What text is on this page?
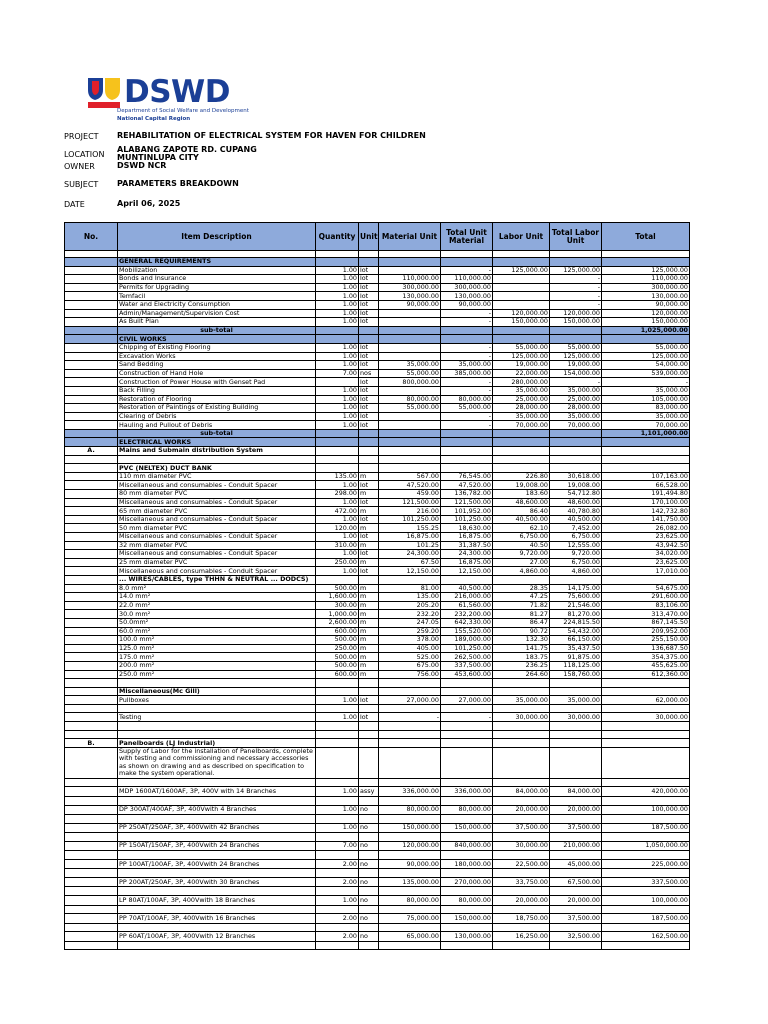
DSWD
Department of Social Welfare and Development
National Capital Region
PROJECT	REHABILITATION OF ELECTRICAL SYSTEM FOR HAVEN FOR CHILDREN
LOCATION
ALABANG ZAPOTE RD. CUPANG MUNTINLUPA CITY
OWNER	DSWD NCR
SUBJECT	PARAMETERS BREAKDOWN
DATE	April 06, 2025
No.	Item Description	Quantity	Unit	Material Unit	Total Unit Material	Labor Unit	Total Labor Unit	Total

	GENERAL REQUIREMENTS							
	Mobilization	1.00	lot		-	125,000.00	125,000.00	125,000.00
	Bonds and Insurance	1.00	lot	110,000.00	110,000.00		-	110,000.00
	Permits for Upgrading	1.00	lot	300,000.00	300,000.00		-	300,000.00
	Temfacil	1.00	lot	130,000.00	130,000.00		-	130,000.00
	Water and Electricity Consumption	1.00	lot	90,000.00	90,000.00		-	90,000.00
	Admin/Management/Supervision Cost	1.00	lot		-	120,000.00	120,000.00	120,000.00
	As Built Plan	1.00	lot		-	150,000.00	150,000.00	150,000.00
	sub-total							1,025,000.00
	CIVIL WORKS							
	Chipping of Existing Flooring	1.00	lot		-	55,000.00	55,000.00	55,000.00
	Excavation Works	1.00	lot		-	125,000.00	125,000.00	125,000.00
	Sand Bedding	1.00	lot	35,000.00	35,000.00	19,000.00	19,000.00	54,000.00
	Construction of Hand Hole	7.00	nos	55,000.00	385,000.00	22,000.00	154,000.00	539,000.00
	Construction of Power House with Genset Pad		lot	800,000.00	-	280,000.00	-	-
	Back Filling	1.00	lot		-	35,000.00	35,000.00	35,000.00
	Restoration of Flooring	1.00	lot	80,000.00	80,000.00	25,000.00	25,000.00	105,000.00
	Restoration of Paintings of Existing Building	1.00	lot	55,000.00	55,000.00	28,000.00	28,000.00	83,000.00
	Clearing of Debris	1.00	lot		-	35,000.00	35,000.00	35,000.00
	Hauling and Pullout of Debris	1.00	lot		-	70,000.00	70,000.00	70,000.00
	sub-total							1,101,000.00
	ELECTRICAL WORKS							
A.	Mains and Submain distribution System							

	PVC (NELTEX) DUCT BANK							
	110 mm diameter PVC	135.00	m	567.00	76,545.00	226.80	30,618.00	107,163.00
	Miscellaneous and consumables - Conduit Spacer	1.00	lot	47,520.00	47,520.00	19,008.00	19,008.00	66,528.00
	80 mm diameter PVC	298.00	m	459.00	136,782.00	183.60	54,712.80	191,494.80
	Miscellaneous and consumables - Conduit Spacer	1.00	lot	121,500.00	121,500.00	48,600.00	48,600.00	170,100.00
	65 mm diameter PVC	472.00	m	216.00	101,952.00	86.40	40,780.80	142,732.80
	Miscellaneous and consumables - Conduit Spacer	1.00	lot	101,250.00	101,250.00	40,500.00	40,500.00	141,750.00
	50 mm diameter PVC	120.00	m	155.25	18,630.00	62.10	7,452.00	26,082.00
	Miscellaneous and consumables - Conduit Spacer	1.00	lot	16,875.00	16,875.00	6,750.00	6,750.00	23,625.00
	32 mm diameter PVC	310.00	m	101.25	31,387.50	40.50	12,555.00	43,942.50
	Miscellaneous and consumables - Conduit Spacer	1.00	lot	24,300.00	24,300.00	9,720.00	9,720.00	34,020.00
	25 mm diameter PVC	250.00	m	67.50	16,875.00	27.00	6,750.00	23,625.00
	Miscellaneous and consumables - Conduit Spacer	1.00	lot	12,150.00	12,150.00	4,860.00	4,860.00	17,010.00
	... WIRES/CABLES, type THHN & NEUTRAL ... DODCS)							
	8.0 mm²	500.00	m	81.00	40,500.00	28.35	14,175.00	54,675.00
	14.0 mm²	1,600.00	m	135.00	216,000.00	47.25	75,600.00	291,600.00
	22.0 mm²	300.00	m	205.20	61,560.00	71.82	21,546.00	83,106.00
	30.0 mm²	1,000.00	m	232.20	232,200.00	81.27	81,270.00	313,470.00
	50.0mm²	2,600.00	m	247.05	642,330.00	86.47	224,815.50	867,145.50
	60.0 mm²	600.00	m	259.20	155,520.00	90.72	54,432.00	209,952.00
	100.0 mm²	500.00	m	378.00	189,000.00	132.30	66,150.00	255,150.00
	125.0 mm²	250.00	m	405.00	101,250.00	141.75	35,437.50	136,687.50
	175.0 mm²	500.00	m	525.00	262,500.00	183.75	91,875.00	354,375.00
	200.0 mm²	500.00	m	675.00	337,500.00	236.25	118,125.00	455,625.00
	250.0 mm²	600.00	m	756.00	453,600.00	264.60	158,760.00	612,360.00

	Miscellaneous(Mc Gill)							
	Pullboxes	1.00	lot	27,000.00	27,000.00	35,000.00	35,000.00	62,000.00

	Testing	1.00	lot	-	-	30,000.00	30,000.00	30,000.00

B.	Panelboards (LJ Industrial)							
	Supply of Labor for the installation of Panelboards, complete with testing and commissioning and necessary accessories as shown on drawing and as described on specification to make the system operational.							

	MDP 1600AT/1600AF, 3P, 400V with 14 Branches	1.00	assy	336,000.00	336,000.00	84,000.00	84,000.00	420,000.00

	DP 300AT/400AF, 3P, 400Vwith 4 Branches	1.00	no	80,000.00	80,000.00	20,000.00	20,000.00	100,000.00

	PP 250AT/250AF, 3P, 400Vwith 42 Branches	1.00	no	150,000.00	150,000.00	37,500.00	37,500.00	187,500.00

	PP 150AT/150AF, 3P, 400Vwith 24 Branches	7.00	no	120,000.00	840,000.00	30,000.00	210,000.00	1,050,000.00

	PP 100AT/100AF, 3P, 400Vwith 24 Branches	2.00	no	90,000.00	180,000.00	22,500.00	45,000.00	225,000.00

	PP 200AT/250AF, 3P, 400Vwith 30 Branches	2.00	no	135,000.00	270,000.00	33,750.00	67,500.00	337,500.00

	LP 80AT/100AF, 3P, 400Vwith 18 Branches	1.00	no	80,000.00	80,000.00	20,000.00	20,000.00	100,000.00

	PP 70AT/100AF, 3P, 400Vwith 16 Branches	2.00	no	75,000.00	150,000.00	18,750.00	37,500.00	187,500.00

	PP 60AT/100AF, 3P, 400Vwith 12 Branches	2.00	no	65,000.00	130,000.00	16,250.00	32,500.00	162,500.00
